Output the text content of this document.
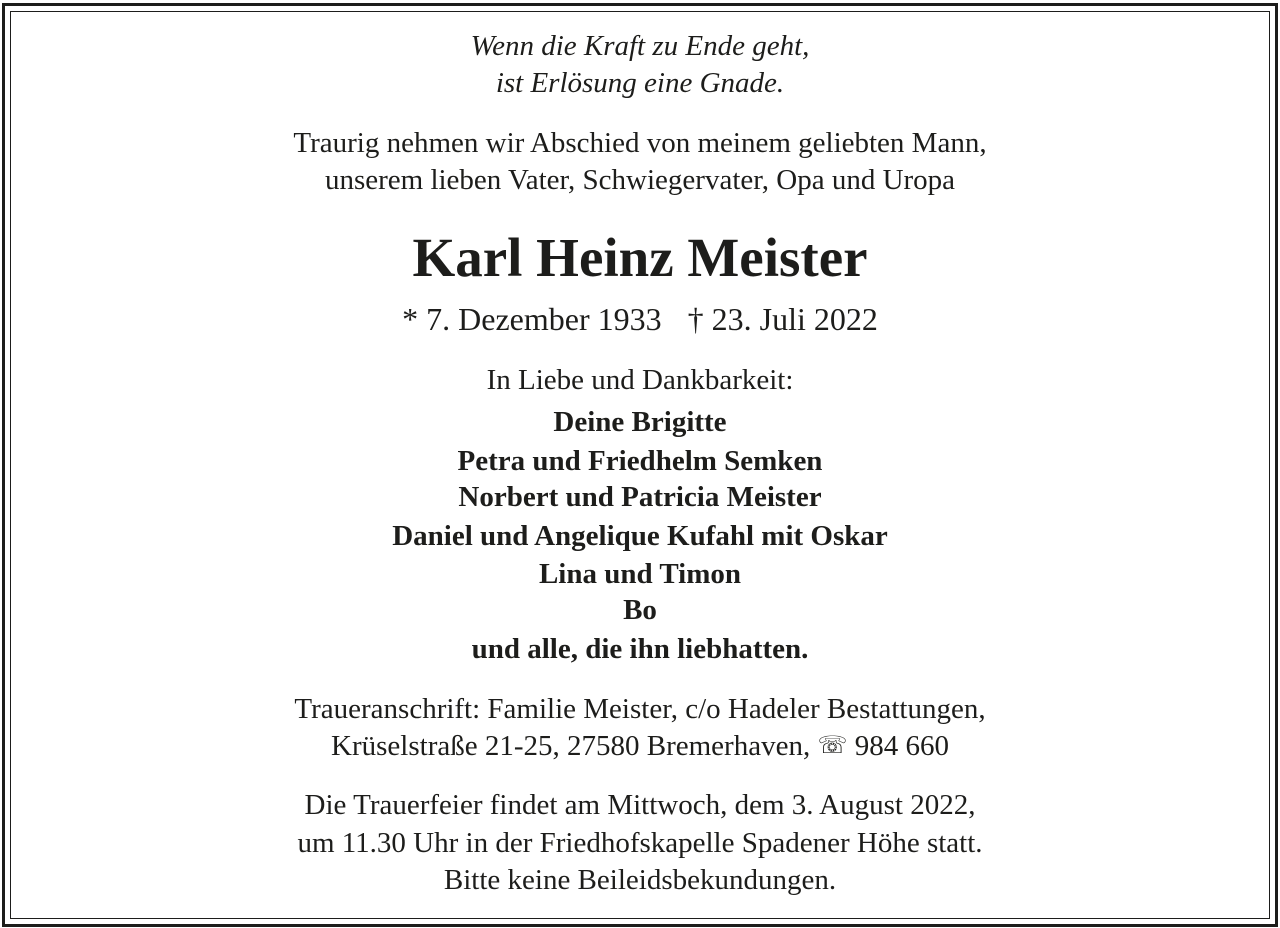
Wenn die Kraft zu Ende geht,

ist Erlösung eine Gnade.

Traurig nehmen wir Abschied von meinem geliebten Mann,

unserem lieben Vater, Schwiegervater, Opa und Uropa

Karl Heinz Meister

* 7. Dezember 1933 † 23. Juli 2022

In Liebe und Dankbarkeit:

Deine Brigitte

Petra und Friedhelm Semken

Norbert und Patricia Meister

Daniel und Angelique Kufahl mit Oskar

Lina und Timon

Bo

und alle, die ihn liebhatten.

Traueranschrift: Familie Meister, c/o Hadeler Bestattungen,

Krüselstraße 21-25, 27580 Bremerhaven, ☏ 984 660

Die Trauerfeier findet am Mittwoch, dem 3. August 2022,

um 11.30 Uhr in der Friedhofskapelle Spadener Höhe statt.

Bitte keine Beileidsbekundungen.
